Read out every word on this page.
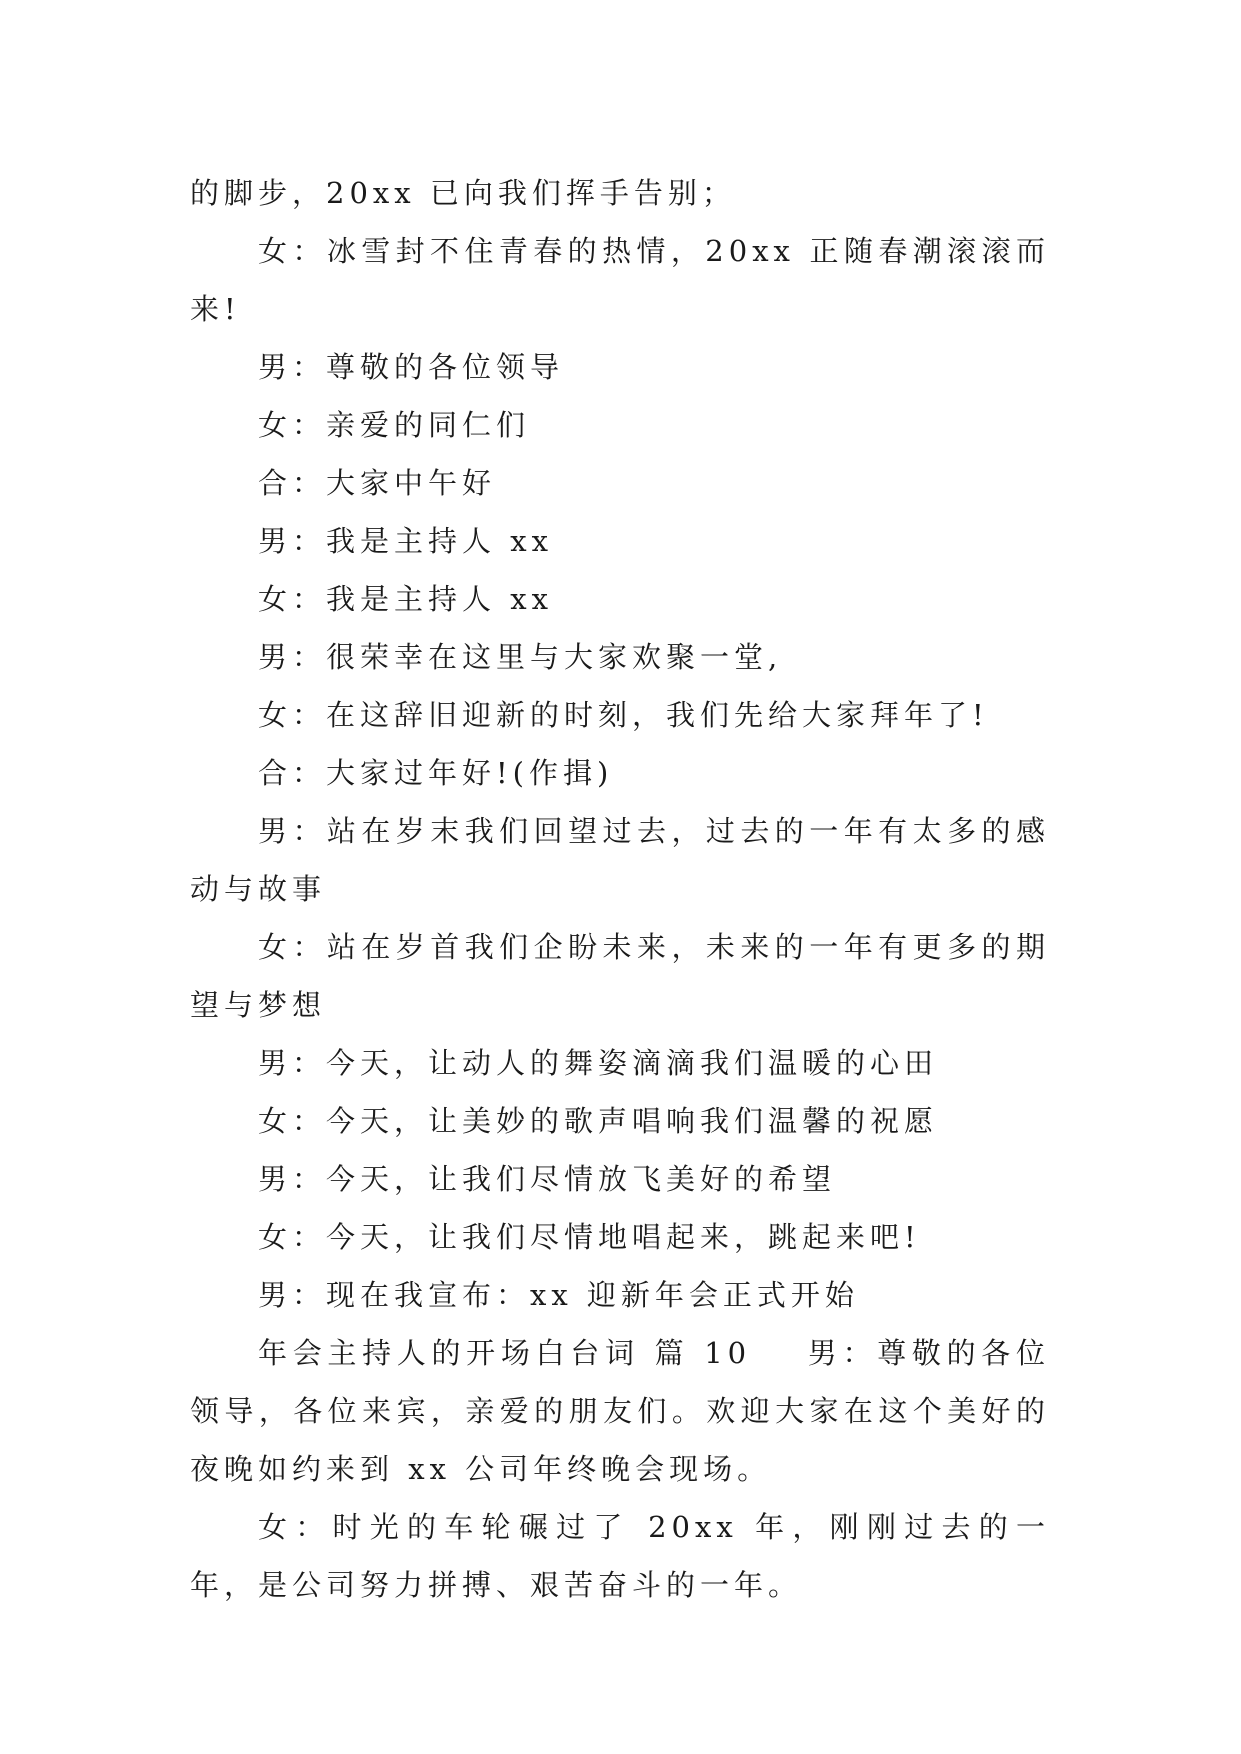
的脚步，20xx 已向我们挥手告别；

女：冰雪封不住青春的热情，20xx 正随春潮滚滚而来!

男：尊敬的各位领导

女：亲爱的同仁们

合：大家中午好

男：我是主持人 xx

女：我是主持人 xx

男：很荣幸在这里与大家欢聚一堂,

女：在这辞旧迎新的时刻，我们先给大家拜年了!

合：大家过年好!(作揖)

男：站在岁末我们回望过去，过去的一年有太多的感动与故事

女：站在岁首我们企盼未来，未来的一年有更多的期望与梦想

男：今天，让动人的舞姿滴滴我们温暖的心田

女：今天，让美妙的歌声唱响我们温馨的祝愿

男：今天，让我们尽情放飞美好的希望

女：今天，让我们尽情地唱起来，跳起来吧!

男：现在我宣布：xx 迎新年会正式开始

年会主持人的开场白台词 篇 10 男：尊敬的各位领导，各位来宾，亲爱的朋友们。欢迎大家在这个美好的夜晚如约来到 xx 公司年终晚会现场。

女：时光的车轮碾过了 20xx 年，刚刚过去的一年，是公司努力拼搏、艰苦奋斗的一年。
